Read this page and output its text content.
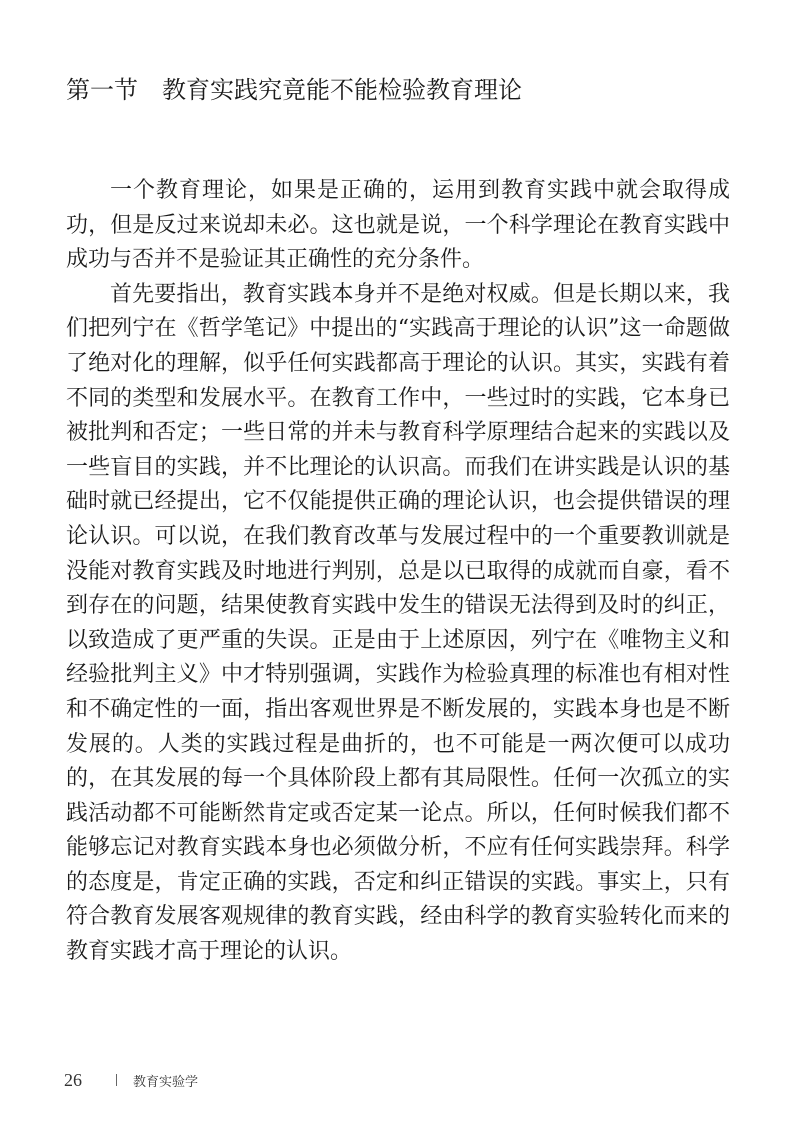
第一节 教育实践究竟能不能检验教育理论

一个教育理论，如果是正确的，运用到教育实践中就会取得成功，但是反过来说却未必。这也就是说，一个科学理论在教育实践中成功与否并不是验证其正确性的充分条件。

首先要指出，教育实践本身并不是绝对权威。但是长期以来，我们把列宁在《哲学笔记》中提出的“实践高于理论的认识”这一命题做了绝对化的理解，似乎任何实践都高于理论的认识。其实，实践有着不同的类型和发展水平。在教育工作中，一些过时的实践，它本身已被批判和否定；一些日常的并未与教育科学原理结合起来的实践以及一些盲目的实践，并不比理论的认识高。而我们在讲实践是认识的基础时就已经提出，它不仅能提供正确的理论认识，也会提供错误的理论认识。可以说，在我们教育改革与发展过程中的一个重要教训就是没能对教育实践及时地进行判别，总是以已取得的成就而自豪，看不到存在的问题，结果使教育实践中发生的错误无法得到及时的纠正，以致造成了更严重的失误。正是由于上述原因，列宁在《唯物主义和经验批判主义》中才特别强调，实践作为检验真理的标准也有相对性和不确定性的一面，指出客观世界是不断发展的，实践本身也是不断发展的。人类的实践过程是曲折的，也不可能是一两次便可以成功的，在其发展的每一个具体阶段上都有其局限性。任何一次孤立的实践活动都不可能断然肯定或否定某一论点。所以，任何时候我们都不能够忘记对教育实践本身也必须做分析，不应有任何实践崇拜。科学的态度是，肯定正确的实践，否定和纠正错误的实践。事实上，只有符合教育发展客观规律的教育实践，经由科学的教育实验转化而来的教育实践才高于理论的认识。

26	教育实验学
